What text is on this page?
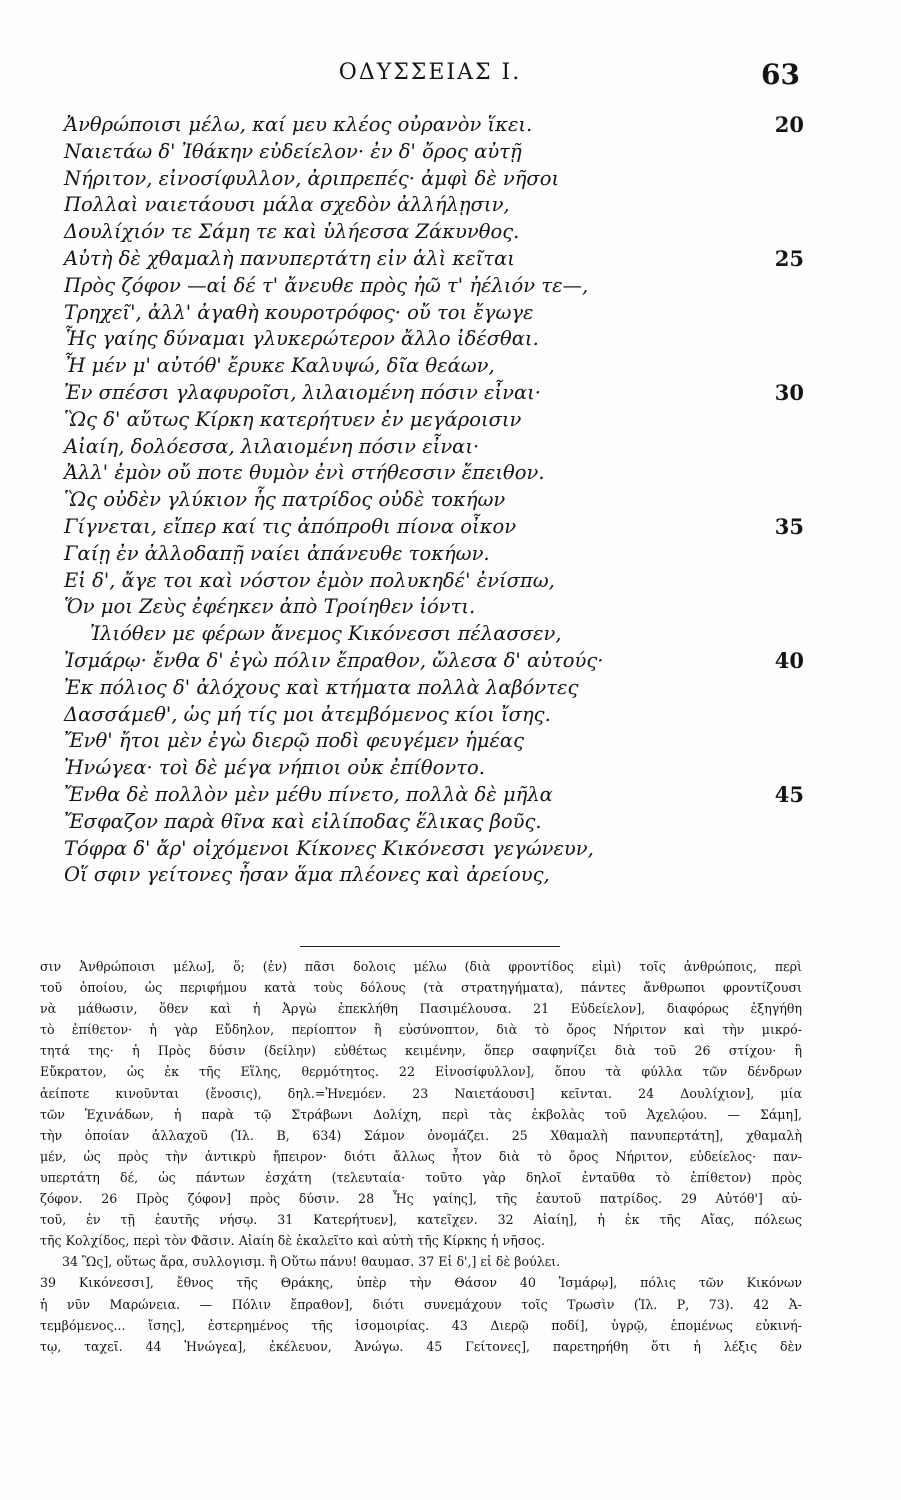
ΟΔΥΣΣΕΙΑΣ Ι.	63
Ἀνθρώποισι μέλω, καί μευ κλέος οὐρανὸν ἵκει.	20
Ναιετάω δ' Ἰθάκην εὐδείελον· ἐν δ' ὄρος αὐτῇ
Νήριτον, εἰνοσίφυλλον, ἀριπρεπές· ἀμφὶ δὲ νῆσοι
Πολλαὶ ναιετάουσι μάλα σχεδὸν ἀλλήλῃσιν,
Δουλίχιόν τε Σάμη τε καὶ ὑλήεσσα Ζάκυνθος.
Αὐτὴ δὲ χθαμαλὴ πανυπερτάτη εἰν ἁλὶ κεῖται	25
Πρὸς ζόφον —αἱ δέ τ' ἄνευθε πρὸς ἠῶ τ' ἠέλιόν τε—,
Τρηχεῖ', ἀλλ' ἀγαθὴ κουροτρόφος· οὔ τοι ἔγωγε
Ἧς γαίης δύναμαι γλυκερώτερον ἄλλο ἰδέσθαι.
Ἦ μέν μ' αὐτόθ' ἔρυκε Καλυψώ, δῖα θεάων,
Ἐν σπέσσι γλαφυροῖσι, λιλαιομένη πόσιν εἶναι·	30
Ὣς δ' αὔτως Κίρκη κατερήτυεν ἐν μεγάροισιν
Αἰαίη, δολόεσσα, λιλαιομένη πόσιν εἶναι·
Ἀλλ' ἐμὸν οὔ ποτε θυμὸν ἐνὶ στήθεσσιν ἔπειθον.
Ὣς οὐδὲν γλύκιον ἧς πατρίδος οὐδὲ τοκήων
Γίγνεται, εἴπερ καί τις ἀπόπροθι πίονα οἶκον	35
Γαίῃ ἐν ἀλλοδαπῇ ναίει ἀπάνευθε τοκήων.
Εἰ δ', ἄγε τοι καὶ νόστον ἐμὸν πολυκηδέ' ἐνίσπω,
Ὅν μοι Ζεὺς ἐφέηκεν ἀπὸ Τροίηθεν ἰόντι.
Ἰλιόθεν με φέρων ἄνεμος Κικόνεσσι πέλασσεν,
Ἰσμάρῳ· ἔνθα δ' ἐγὼ πόλιν ἔπραθον, ὤλεσα δ' αὐτούς·	40
Ἐκ πόλιος δ' ἀλόχους καὶ κτήματα πολλὰ λαβόντες
Δασσάμεθ', ὡς μή τίς μοι ἀτεμβόμενος κίοι ἴσης.
Ἔνθ' ἤτοι μὲν ἐγὼ διερῷ ποδὶ φευγέμεν ἡμέας
Ἠνώγεα· τοὶ δὲ μέγα νήπιοι οὐκ ἐπίθοντο.
Ἔνθα δὲ πολλὸν μὲν μέθυ πίνετο, πολλὰ δὲ μῆλα	45
Ἔσφαζον παρὰ θῖνα καὶ εἰλίποδας ἕλικας βοῦς.
Τόφρα δ' ἄρ' οἰχόμενοι Κίκονες Κικόνεσσι γεγώνευν,
Οἵ σφιν γείτονες ἦσαν ἅμα πλέονες καὶ ἀρείους,
σιν Ἀνθρώποισι μέλω], ὅ; (ἐν) πᾶσι δολοις μέλω (διὰ φροντίδος εἰμὶ) τοῖς ἀνθρώποις, περὶ
τοῦ ὁποίου, ὡς περιφήμου κατὰ τοὺς δόλους (τὰ στρατηγήματα), πάντες ἄνθρωποι φροντίζουσι
νὰ μάθωσιν, ὅθεν καὶ ἡ Ἀργὼ ἐπεκλήθη Πασιμέλουσα. 21 Εὐδείελον], διαφόρως ἐξηγήθη
τὸ ἐπίθετον· ἡ γὰρ Εὔδηλον, περίοπτον ἢ εὐσύνοπτον, διὰ τὸ ὄρος Νήριτον καὶ τὴν μικρό-
τητά της· ἡ Πρὸς δύσιν (δείλην) εὐθέτως κειμένην, ὅπερ σαφηνίζει διὰ τοῦ 26 στίχου· ἢ
Εὔκρατον, ὡς ἐκ τῆς Εἵλης, θερμότητος. 22 Εἰνοσίφυλλον], ὅπου τὰ φύλλα τῶν δένδρων
ἀείποτε κινοῦνται (ἔνοσις), δηλ.=Ἠνεμόεν. 23 Ναιετάουσι] κεῖνται. 24 Δουλίχιον], μία
τῶν Ἐχινάδων, ἡ παρὰ τῷ Στράβωνι Δολίχη, περὶ τὰς ἐκβολὰς τοῦ Ἀχελῴου. — Σάμη],
τὴν ὁποίαν ἀλλαχοῦ (Ἰλ. Β, 634) Σάμον ὀνομάζει. 25 Χθαμαλὴ πανυπερτάτη], χθαμαλὴ
μέν, ὡς πρὸς τὴν ἀντικρὺ ἤπειρον· διότι ἄλλως ἦτον διὰ τὸ ὄρος Νήριτον, εὐδείελος· παν-
υπερτάτη δέ, ὡς πάντων ἐσχάτη (τελευταία· τοῦτο γὰρ δηλοῖ ἐνταῦθα τὸ ἐπίθετον) πρὸς
ζόφον. 26 Πρὸς ζόφον] πρὸς δύσιν. 28 Ἧς γαίης], τῆς ἑαυτοῦ πατρίδος. 29 Αὐτόθ'] αὐ-
τοῦ, ἐν τῇ ἑαυτῆς νήσῳ. 31 Κατερήτυεν], κατεῖχεν. 32 Αἰαίη], ἡ ἐκ τῆς Αἴας, πόλεως
τῆς Κολχίδος, περὶ τὸν Φᾶσιν. Αἰαίη δὲ ἐκαλεῖτο καὶ αὐτὴ τῆς Κίρκης ἡ νῆσος.
34 Ὣς], οὕτως ἄρα, συλλογισμ. ἢ Οὕτω πάνυ! θαυμασ. 37 Εἰ δ',] εἰ δὲ βούλει.
39 Κικόνεσσι], ἔθνος τῆς Θράκης, ὑπὲρ τὴν Θάσον 40 Ἰσμάρῳ], πόλις τῶν Κικόνων
ἡ νῦν Μαρώνεια. — Πόλιν ἔπραθον], διότι συνεμάχουν τοῖς Τρωσὶν (Ἰλ. Ρ, 73). 42 Ἀ-
τεμβόμενος... ἴσης], ἐστερημένος τῆς ἰσομοιρίας. 43 Διερῷ ποδί], ὑγρῷ, ἑπομένως εὐκινή-
τῳ, ταχεῖ. 44 Ἠνώγεα], ἐκέλευον, Ἀνώγω. 45 Γείτονες], παρετηρήθη ὅτι ἡ λέξις δὲν
